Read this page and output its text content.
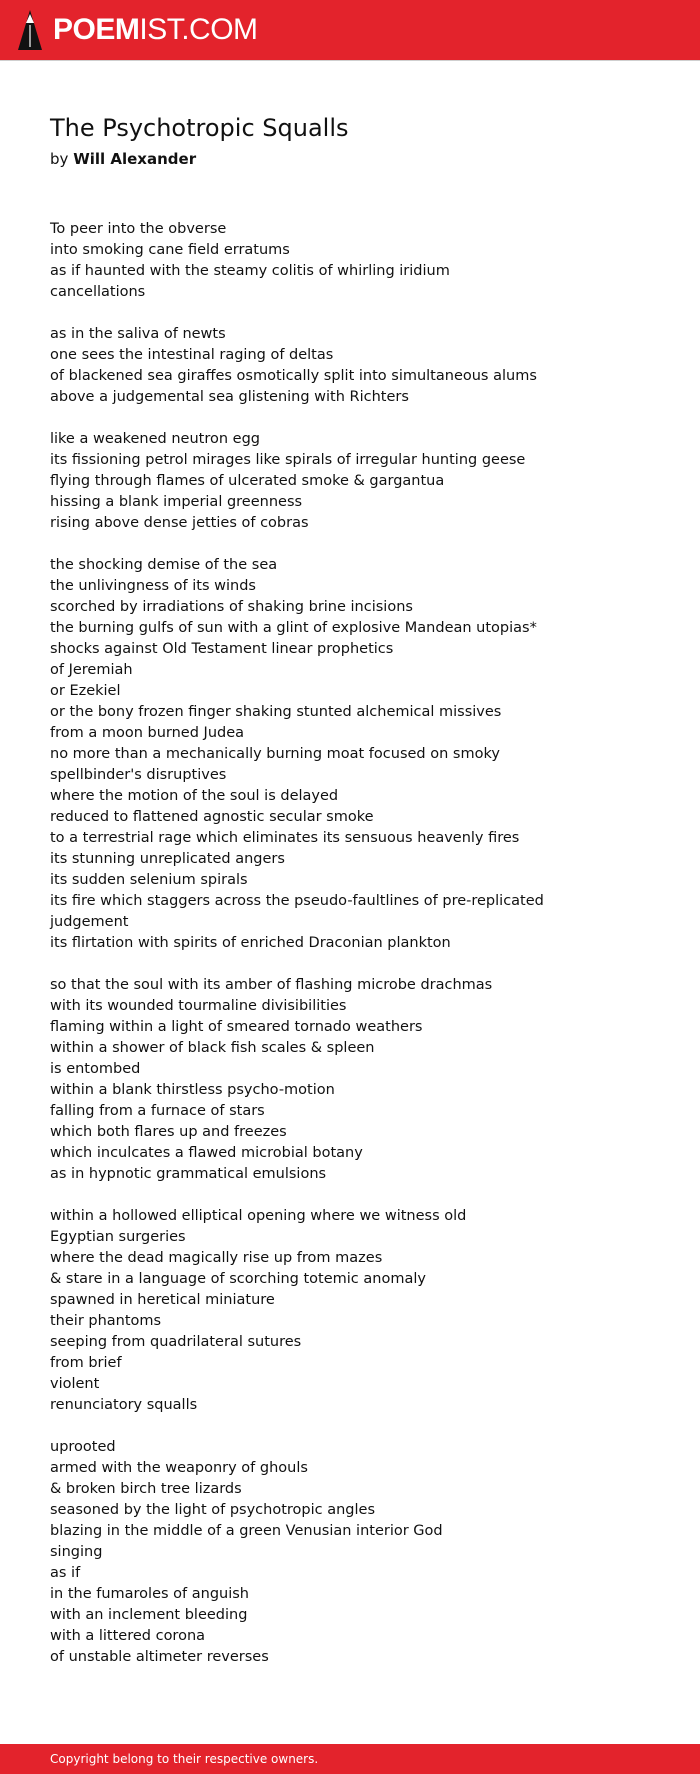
POEMIST.COM
The Psychotropic Squalls
by Will Alexander
To peer into the obverse
into smoking cane field erratums
as if haunted with the steamy colitis of whirling iridium
cancellations
as in the saliva of newts
one sees the intestinal raging of deltas
of blackened sea giraffes osmotically split into simultaneous alums
above a judgemental sea glistening with Richters
like a weakened neutron egg
its fissioning petrol mirages like spirals of irregular hunting geese
flying through flames of ulcerated smoke & gargantua
hissing a blank imperial greenness
rising above dense jetties of cobras
the shocking demise of the sea
the unlivingness of its winds
scorched by irradiations of shaking brine incisions
the burning gulfs of sun with a glint of explosive Mandean utopias*
shocks against Old Testament linear prophetics
of Jeremiah
or Ezekiel
or the bony frozen finger shaking stunted alchemical missives
from a moon burned Judea
no more than a mechanically burning moat focused on smoky
spellbinder's disruptives
where the motion of the soul is delayed
reduced to flattened agnostic secular smoke
to a terrestrial rage which eliminates its sensuous heavenly fires
its stunning unreplicated angers
its sudden selenium spirals
its fire which staggers across the pseudo-faultlines of pre-replicated
judgement
its flirtation with spirits of enriched Draconian plankton
so that the soul with its amber of flashing microbe drachmas
with its wounded tourmaline divisibilities
flaming within a light of smeared tornado weathers
within a shower of black fish scales & spleen
is entombed
within a blank thirstless psycho-motion
falling from a furnace of stars
which both flares up and freezes
which inculcates a flawed microbial botany
as in hypnotic grammatical emulsions
within a hollowed elliptical opening where we witness old
Egyptian surgeries
where the dead magically rise up from mazes
& stare in a language of scorching totemic anomaly
spawned in heretical miniature
their phantoms
seeping from quadrilateral sutures
from brief
violent
renunciatory squalls
uprooted
armed with the weaponry of ghouls
& broken birch tree lizards
seasoned by the light of psychotropic angles
blazing in the middle of a green Venusian interior God
singing
as if
in the fumaroles of anguish
with an inclement bleeding
with a littered corona
of unstable altimeter reverses
Copyright belong to their respective owners.
